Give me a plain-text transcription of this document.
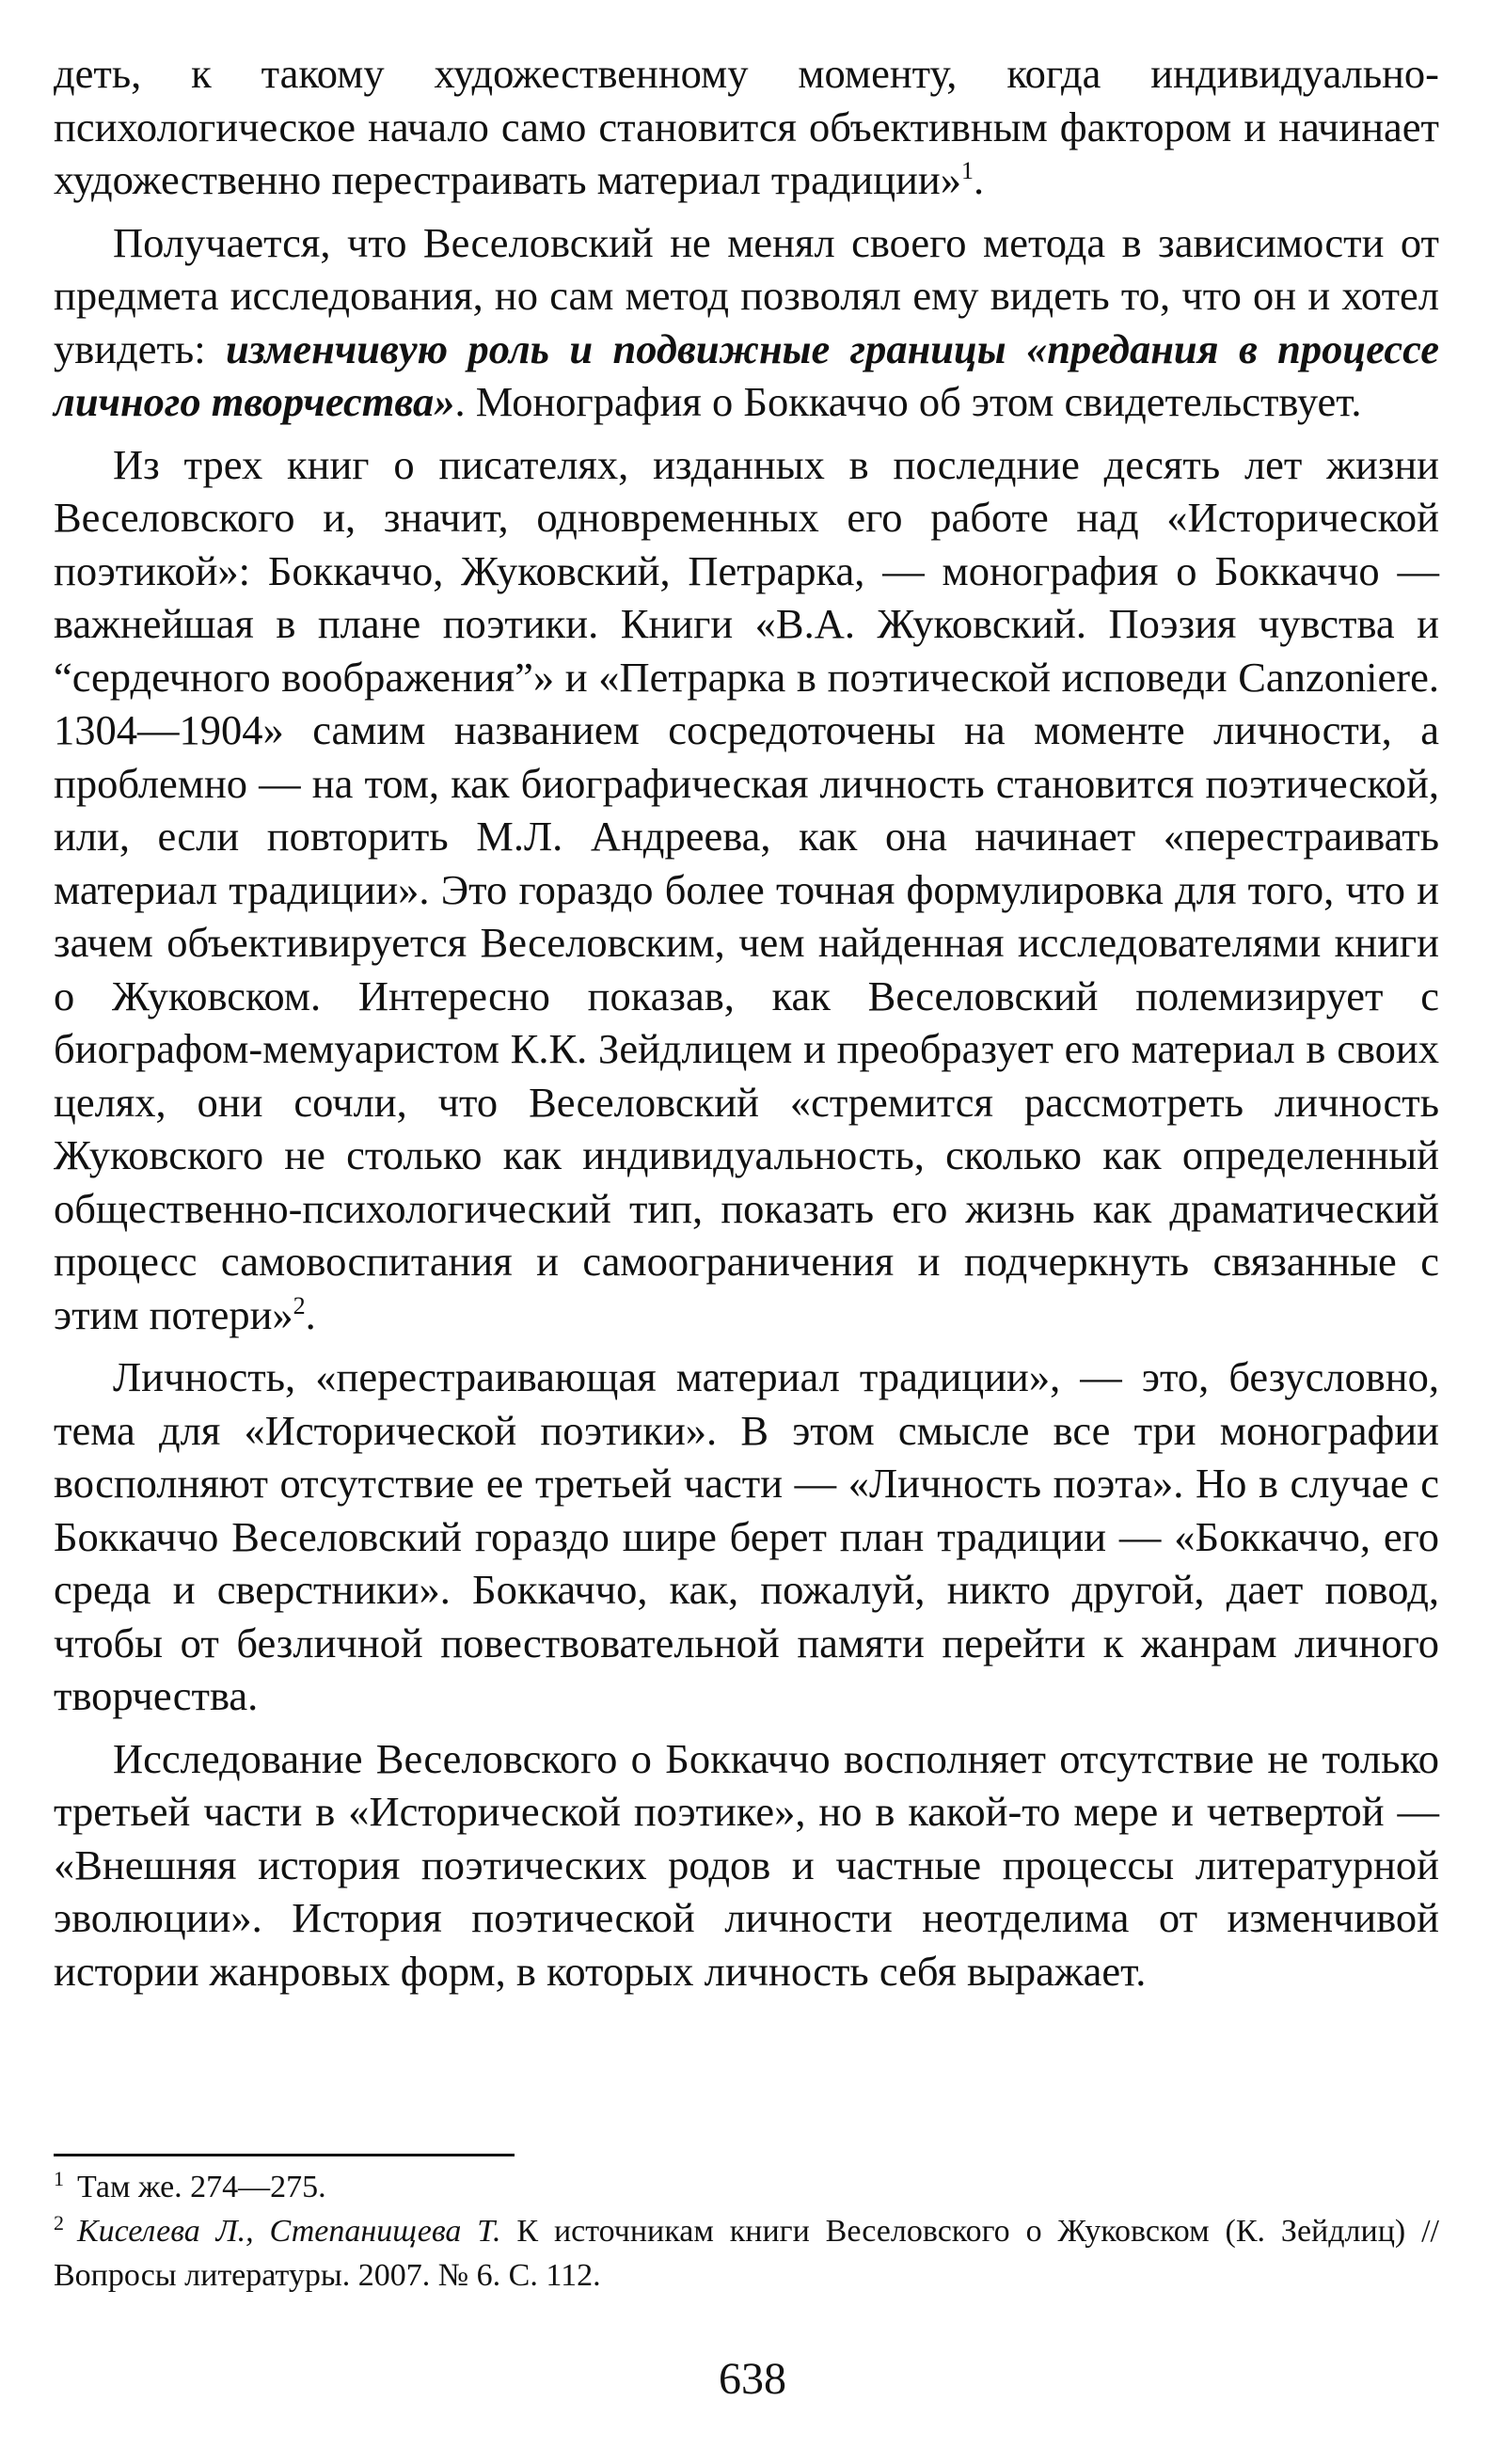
деть, к такому художественному моменту, когда индивидуально-психологическое начало само становится объективным фактором и начинает художественно перестраивать материал традиции»$^1$.

Получается, что Веселовский не менял своего метода в зависимости от предмета исследования, но сам метод позволял ему видеть то, что он и хотел увидеть: изменчивую роль и подвижные границы «предания в процессе личного творчества». Монография о Боккаччо об этом свидетельствует.

Из трех книг о писателях, изданных в последние десять лет жизни Веселовского и, значит, одновременных его работе над «Исторической поэтикой»: Боккаччо, Жуковский, Петрарка, — монография о Боккаччо — важнейшая в плане поэтики. Книги «В.А. Жуковский. Поэзия чувства и “сердечного воображения”» и «Петрарка в поэтической исповеди Canzoniere. 1304—1904» самим названием сосредоточены на моменте личности, а проблемно — на том, как биографическая личность становится поэтической, или, если повторить М.Л. Андреева, как она начинает «перестраивать материал традиции». Это гораздо более точная формулировка для того, что и зачем объективируется Веселовским, чем найденная исследователями книги о Жуковском. Интересно показав, как Веселовский полемизирует с биографом-мемуаристом К.К. Зейдлицем и преобразует его материал в своих целях, они сочли, что Веселовский «стремится рассмотреть личность Жуковского не столько как индивидуальность, сколько как определенный общественно-психологический тип, показать его жизнь как драматический процесс самовоспитания и самоограничения и подчеркнуть связанные с этим потери»$^2$.

Личность, «перестраивающая материал традиции», — это, безусловно, тема для «Исторической поэтики». В этом смысле все три монографии восполняют отсутствие ее третьей части — «Личность поэта». Но в случае с Боккаччо Веселовский гораздо шире берет план традиции — «Боккаччо, его среда и сверстники». Боккаччо, как, пожалуй, никто другой, дает повод, чтобы от безличной повествовательной памяти перейти к жанрам личного творчества.

Исследование Веселовского о Боккаччо восполняет отсутствие не только третьей части в «Исторической поэтике», но в какой-то мере и четвертой — «Внешняя история поэтических родов и частные процессы литературной эволюции». История поэтической личности неотделима от изменчивой истории жанровых форм, в которых личность себя выражает.

$^1$ Там же. 274—275.

$^2$ Киселева Л., Степанищева Т. К источникам книги Веселовского о Жуковском (К. Зейдлиц) // Вопросы литературы. 2007. № 6. С. 112.

638
